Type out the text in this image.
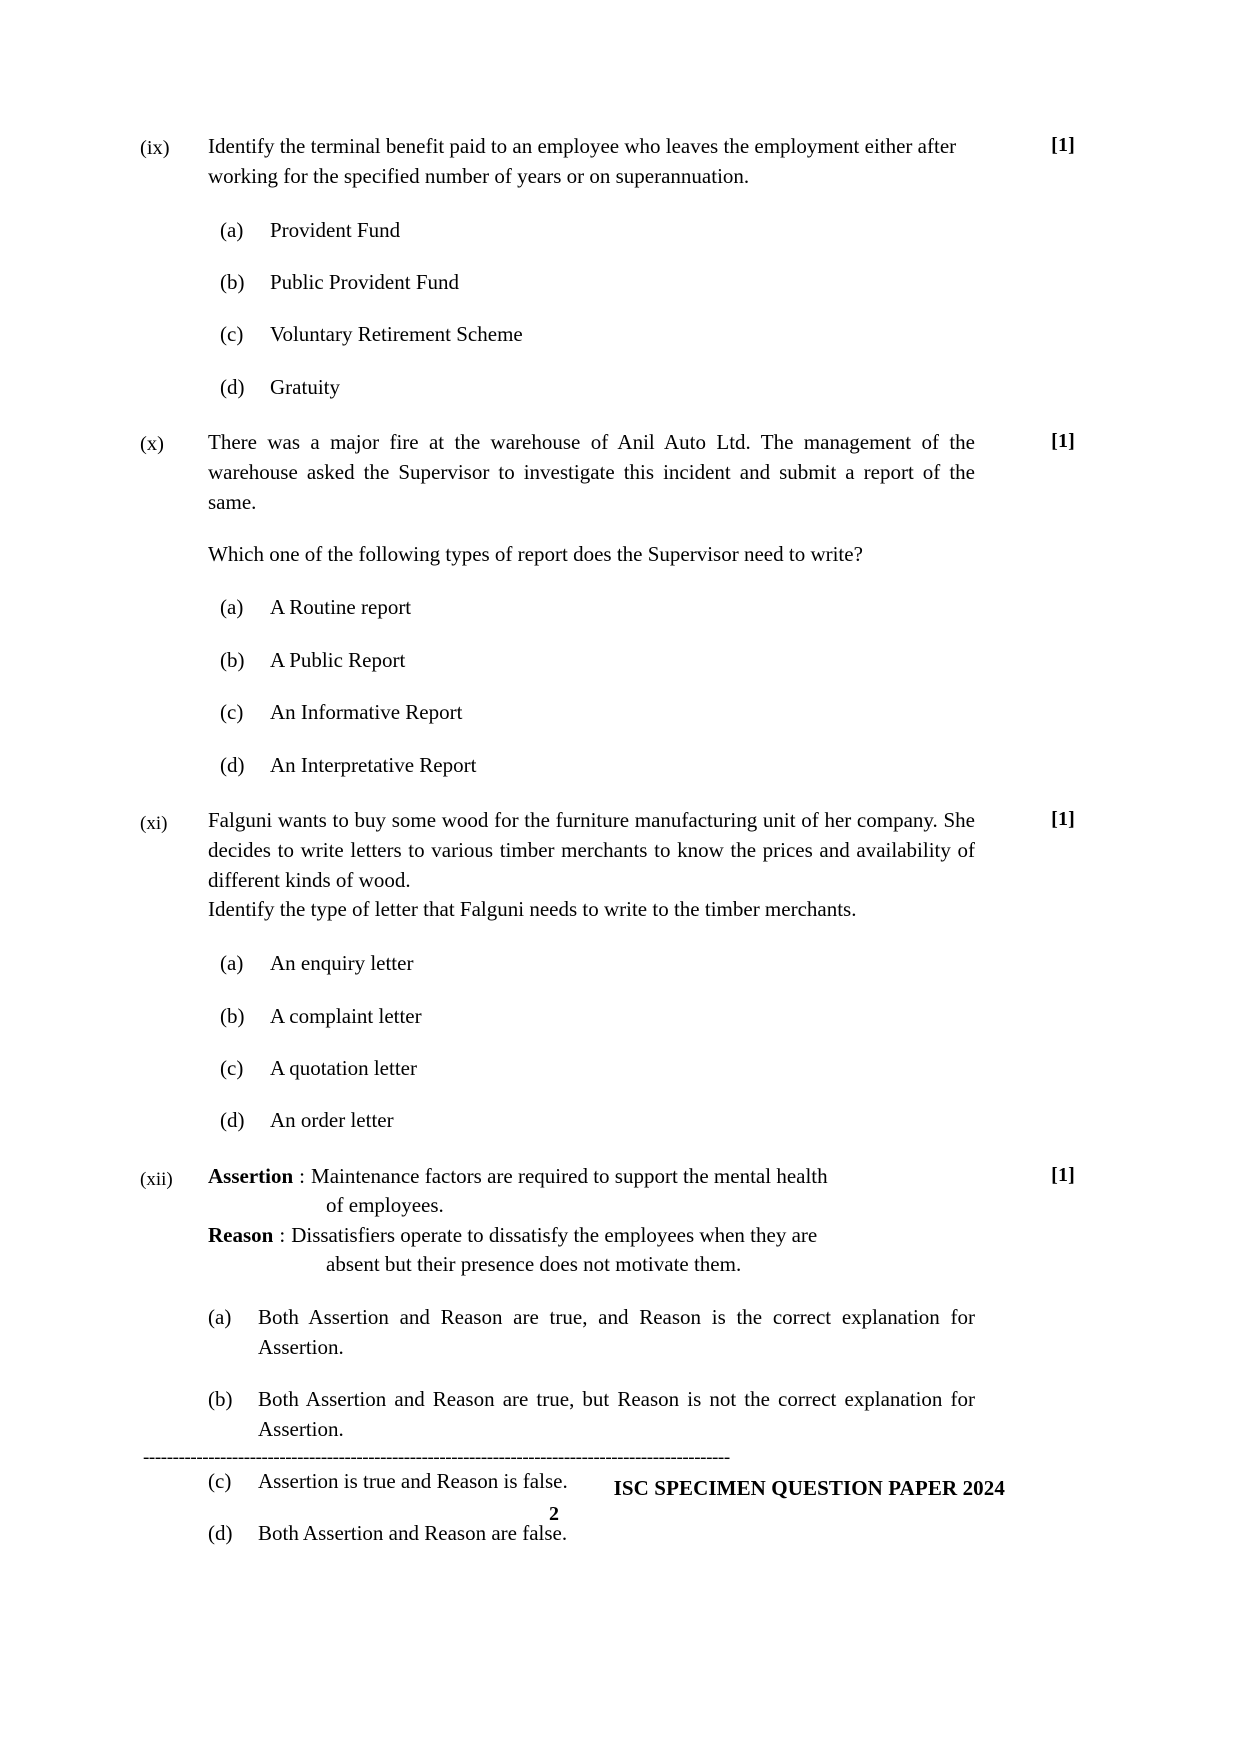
(ix)	Identify the terminal benefit paid to an employee who leaves the employment either after working for the specified number of years or on superannuation.

(a)	Provident Fund
(b)	Public Provident Fund
(c)	Voluntary Retirement Scheme
(d)	Gratuity
[1]
(x)	There was a major fire at the warehouse of Anil Auto Ltd. The management of the warehouse asked the Supervisor to investigate this incident and submit a report of the same.

Which one of the following types of report does the Supervisor need to write?

(a)	A Routine report
(b)	A Public Report
(c)	An Informative Report
(d)	An Interpretative Report
[1]
(xi)	Falguni wants to buy some wood for the furniture manufacturing unit of her company. She decides to write letters to various timber merchants to know the prices and availability of different kinds of wood.

Identify the type of letter that Falguni needs to write to the timber merchants.

(a)	An enquiry letter
(b)	A complaint letter
(c)	A quotation letter
(d)	An order letter
[1]
(xii)	Assertion : Maintenance factors are required to support the mental health
of employees.
Reason : Dissatisfiers operate to dissatisfy the employees when they are
absent but their presence does not motivate them.
(a)	Both Assertion and Reason are true, and Reason is the correct explanation for Assertion.
(b)	Both Assertion and Reason are true, but Reason is not the correct explanation for Assertion.
(c)	Assertion is true and Reason is false.
(d)	Both Assertion and Reason are false.
[1]
---------------------------------------------------------------------------------------------------
ISC SPECIMEN QUESTION PAPER 2024
2
